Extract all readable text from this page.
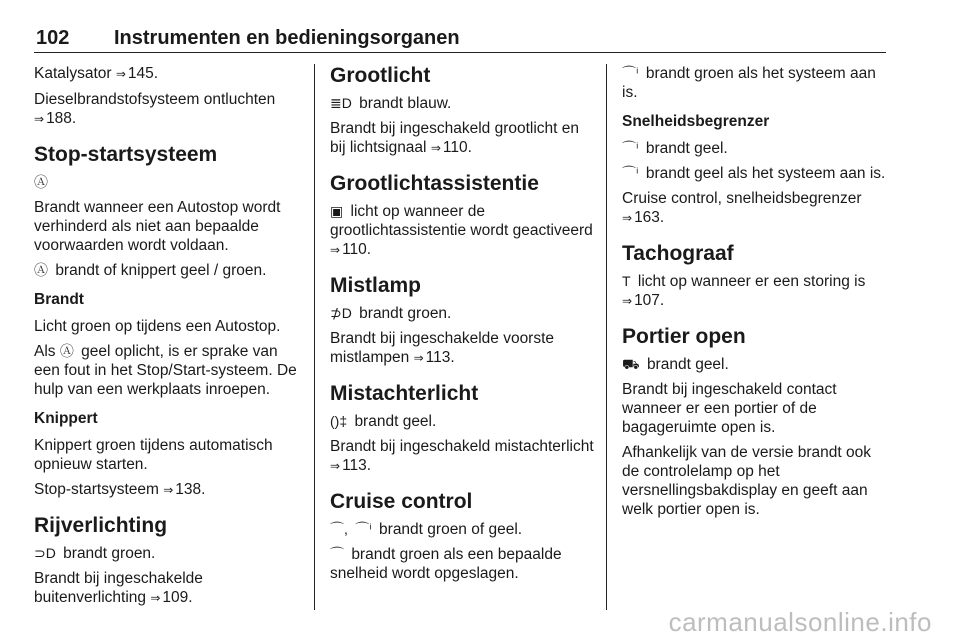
102 Instrumenten en bedieningsorganen

Katalysator ⇒ 145.

Dieselbrandstofsysteem ontluchten
⇒ 188.

Stop-startsysteem

Ⓐ

Brandt wanneer een Autostop wordt verhinderd als niet aan bepaalde voorwaarden wordt voldaan.

Ⓐ brandt of knippert geel / groen.

Brandt

Licht groen op tijdens een Autostop.

Als Ⓐ geel oplicht, is er sprake van een fout in het Stop/Start-systeem. De hulp van een werkplaats inroepen.

Knippert

Knippert groen tijdens automatisch opnieuw starten.

Stop-startsysteem ⇒ 138.

Rijverlichting

⊃D brandt groen.

Brandt bij ingeschakelde buitenverlichting ⇒ 109.

Grootlicht

≣D brandt blauw.

Brandt bij ingeschakeld grootlicht en bij lichtsignaal ⇒ 110.

Grootlichtassistentie

▣ licht op wanneer de grootlichtassistentie wordt geactiveerd ⇒ 110.

Mistlamp

⊅D brandt groen.

Brandt bij ingeschakelde voorste mistlampen ⇒ 113.

Mistachterlicht

()‡ brandt geel.

Brandt bij ingeschakeld mistachterlicht ⇒ 113.

Cruise control

⌒, ⌒ⁱ brandt groen of geel.

⌒ brandt groen als een bepaalde snelheid wordt opgeslagen.

⌒ⁱ brandt groen als het systeem aan is.

Snelheidsbegrenzer

⌒ⁱ brandt geel.

⌒ⁱ brandt geel als het systeem aan is.

Cruise control, snelheidsbegrenzer
⇒ 163.

Tachograaf

T licht op wanneer er een storing is
⇒ 107.

Portier open

⛟ brandt geel.

Brandt bij ingeschakeld contact wanneer er een portier of de bagageruimte open is.

Afhankelijk van de versie brandt ook de controlelamp op het versnellingsbakdisplay en geeft aan welk portier open is.

carmanualsonline.info
